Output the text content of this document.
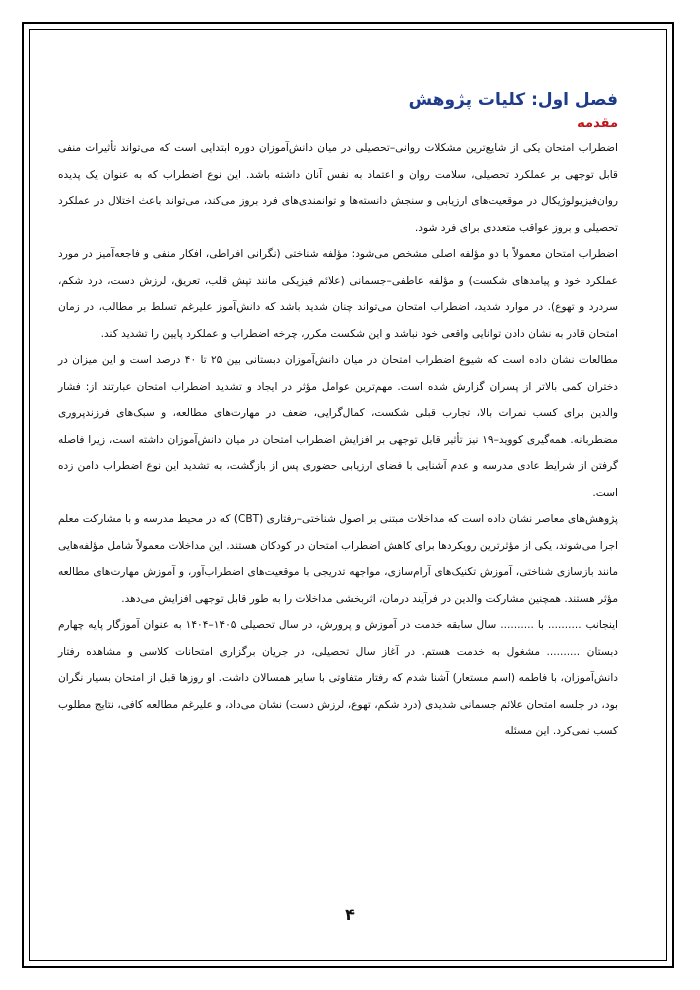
فصل اول: کلیات پژوهش
مقدمه

اضطراب امتحان یکی از شایع‌ترین مشکلات روانی–تحصیلی در میان دانش‌آموزان دوره ابتدایی است که می‌تواند تأثیرات منفی قابل توجهی بر عملکرد تحصیلی، سلامت روان و اعتماد به نفس آنان داشته باشد. این نوع اضطراب که به عنوان یک پدیده روان‌فیزیولوژیکال در موقعیت‌های ارزیابی و سنجش دانسته‌ها و توانمندی‌های فرد بروز می‌کند، می‌تواند باعث اختلال در عملکرد تحصیلی و بروز عواقب متعددی برای فرد شود.

اضطراب امتحان معمولاً با دو مؤلفه اصلی مشخص می‌شود: مؤلفه شناختی (نگرانی افراطی، افکار منفی و فاجعه‌آمیز در مورد عملکرد خود و پیامدهای شکست) و مؤلفه عاطفی–جسمانی (علائم فیزیکی مانند تپش قلب، تعریق، لرزش دست، درد شکم، سردرد و تهوع). در موارد شدید، اضطراب امتحان می‌تواند چنان شدید باشد که دانش‌آموز علیرغم تسلط بر مطالب، در زمان امتحان قادر به نشان دادن توانایی واقعی خود نباشد و این شکست مکرر، چرخه اضطراب و عملکرد پایین را تشدید کند.

مطالعات نشان داده است که شیوع اضطراب امتحان در میان دانش‌آموزان دبستانی بین ۲۵ تا ۴۰ درصد است و این میزان در دختران کمی بالاتر از پسران گزارش شده است. مهم‌ترین عوامل مؤثر در ایجاد و تشدید اضطراب امتحان عبارتند از: فشار والدین برای کسب نمرات بالا، تجارب قبلی شکست، کمال‌گرایی، ضعف در مهارت‌های مطالعه، و سبک‌های فرزندپروری مضطربانه. همه‌گیری کووید–۱۹ نیز تأثیر قابل توجهی بر افزایش اضطراب امتحان در میان دانش‌آموزان داشته است، زیرا فاصله گرفتن از شرایط عادی مدرسه و عدم آشنایی با فضای ارزیابی حضوری پس از بازگشت، به تشدید این نوع اضطراب دامن زده است.

پژوهش‌های معاصر نشان داده است که مداخلات مبتنی بر اصول شناختی–رفتاری (CBT) که در محیط مدرسه و با مشارکت معلم اجرا می‌شوند، یکی از مؤثرترین رویکردها برای کاهش اضطراب امتحان در کودکان هستند. این مداخلات معمولاً شامل مؤلفه‌هایی مانند بازسازی شناختی، آموزش تکنیک‌های آرام‌سازی، مواجهه تدریجی با موقعیت‌های اضطراب‌آور، و آموزش مهارت‌های مطالعه مؤثر هستند. همچنین مشارکت والدین در فرآیند درمان، اثربخشی مداخلات را به طور قابل توجهی افزایش می‌دهد.

اینجانب .......... با .......... سال سابقه خدمت در آموزش و پرورش، در سال تحصیلی ۱۴۰۵–۱۴۰۴ به عنوان آموزگار پایه چهارم دبستان .......... مشغول به خدمت هستم. در آغاز سال تحصیلی، در جریان برگزاری امتحانات کلاسی و مشاهده رفتار دانش‌آموزان، با فاطمه (اسم مستعار) آشنا شدم که رفتار متفاوتی با سایر همسالان داشت. او روزها قبل از امتحان بسیار نگران بود، در جلسه امتحان علائم جسمانی شدیدی (درد شکم، تهوع، لرزش دست) نشان می‌داد، و علیرغم مطالعه کافی، نتایج مطلوب کسب نمی‌کرد. این مسئله

۴
